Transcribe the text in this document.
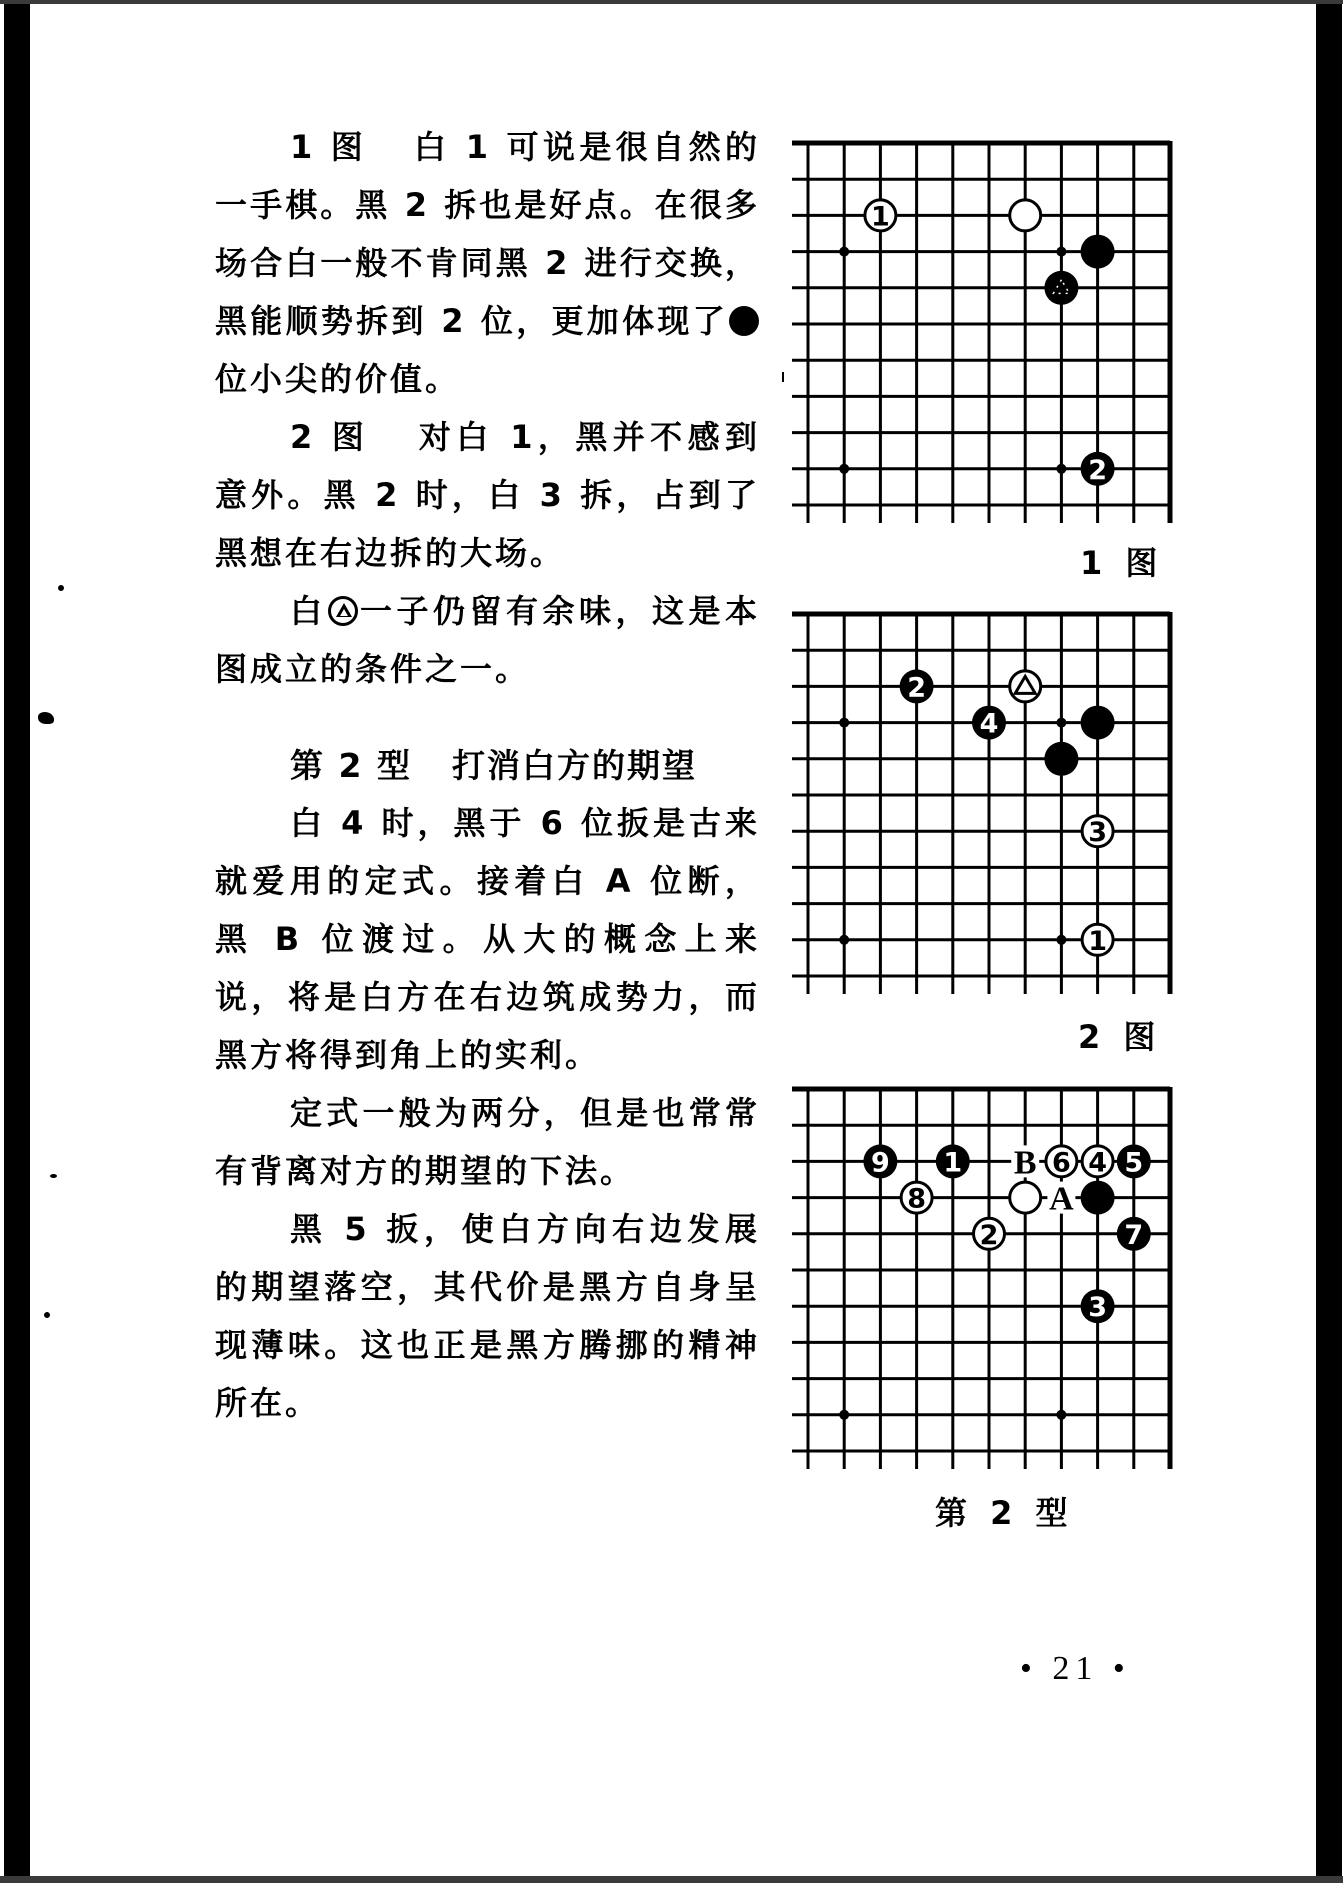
1 图 白 1 可说是很自然的一手棋。黑 2 拆也是好点。在很多场合白一般不肯同黑 2 进行交换，黑能顺势拆到 2 位，更加体现了位小尖的价值。

2 图 对白 1，黑并不感到意外。黑 2 时，白 3 拆，占到了黑想在右边拆的大场。

白 一子仍留有余味，这是本图成立的条件之一。

第 2 型 打消白方的期望

白 4 时，黑于 6 位扳是古来就爱用的定式。接着白 A 位断，黑 B 位渡过。从大的概念上来说，将是白方在右边筑成势力，而黑方将得到角上的实利。

定式一般为两分，但是也常常有背离对方的期望的下法。

黑 5 扳，使白方向右边发展的期望落空，其代价是黑方自身呈现薄味。这也正是黑方腾挪的精神所在。

1
2
1 图
2
4
3
1
2 图
B
A
9 1	6 4 5
8
2	7
3
第 2 型
• 21 •
